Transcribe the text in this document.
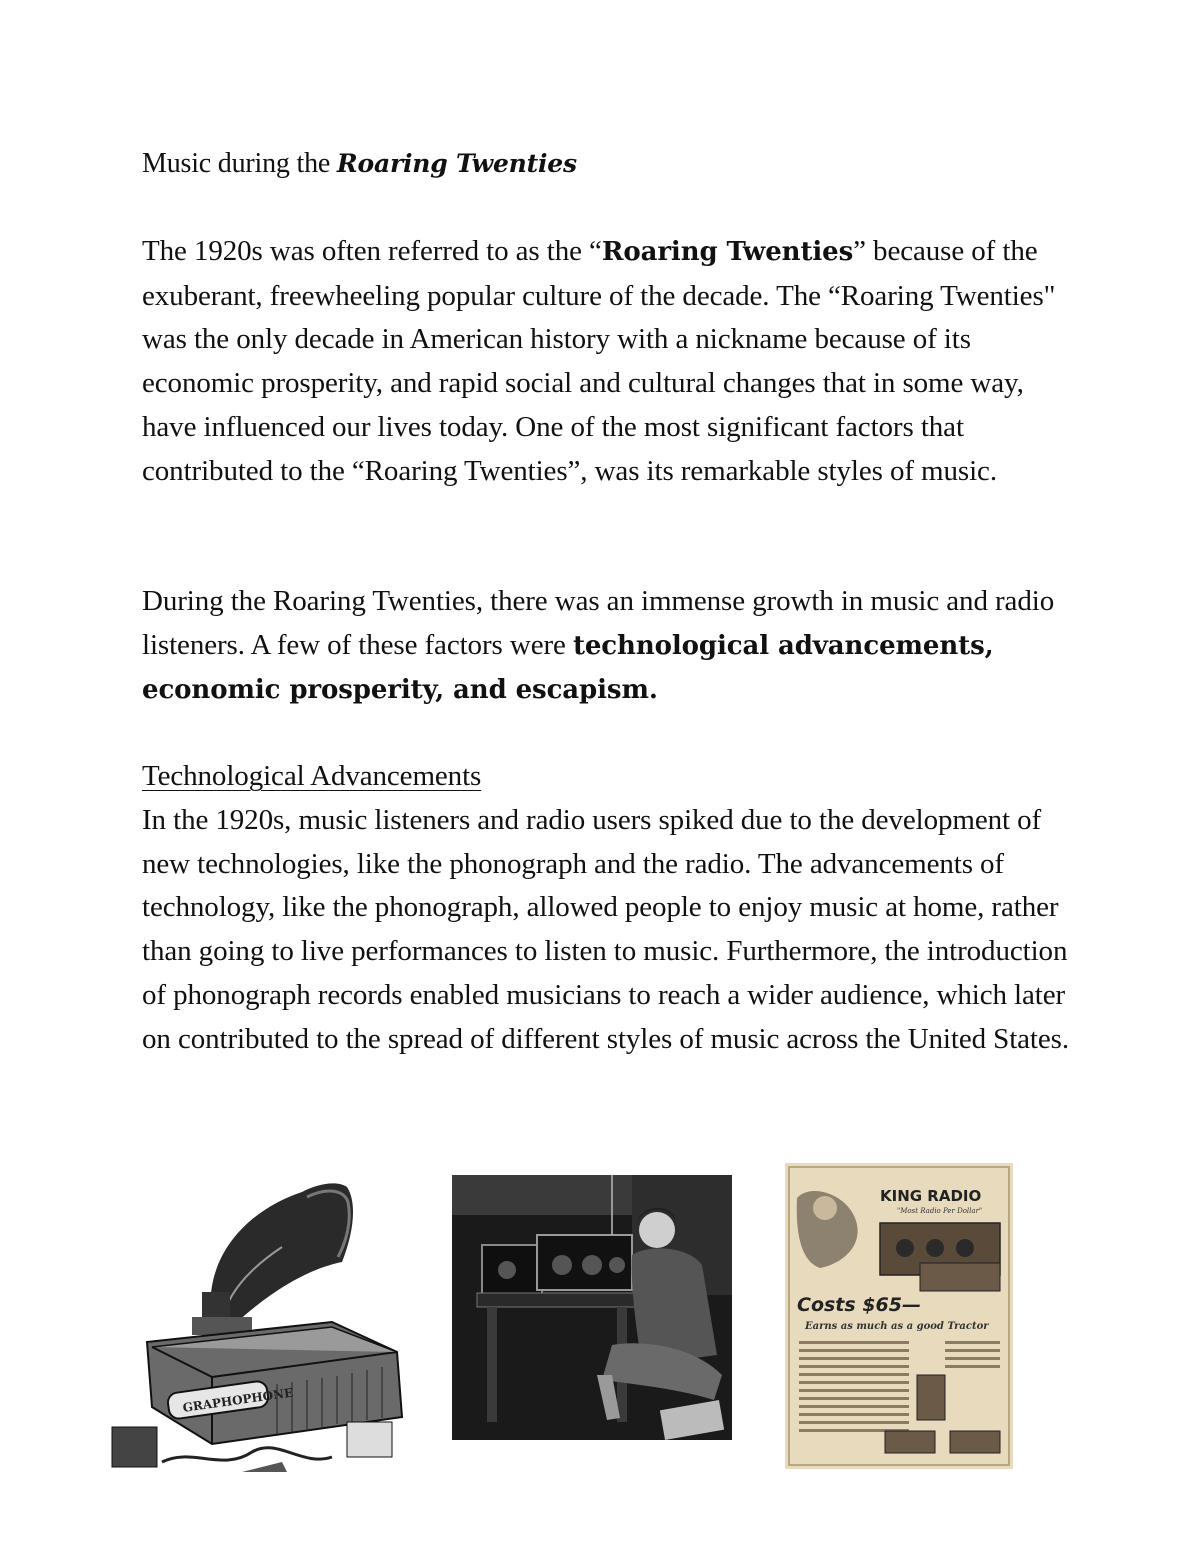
Music during the Roaring Twenties

The 1920s was often referred to as the “Roaring Twenties” because of the exuberant, freewheeling popular culture of the decade. The “Roaring Twenties" was the only decade in American history with a nickname because of its economic prosperity, and rapid social and cultural changes that in some way, have influenced our lives today. One of the most significant factors that contributed to the “Roaring Twenties”, was its remarkable styles of music.

During the Roaring Twenties, there was an immense growth in music and radio listeners. A few of these factors were technological advancements, economic prosperity, and escapism.

Technological Advancements

In the 1920s, music listeners and radio users spiked due to the development of new technologies, like the phonograph and the radio. The advancements of technology, like the phonograph, allowed people to enjoy music at home, rather than going to live performances to listen to music. Furthermore, the introduction of phonograph records enabled musicians to reach a wider audience, which later on contributed to the spread of different styles of music across the United States.

GRAPHOPHONE
KING RADIO
"Most Radio Per Dollar"
Costs $65—
Earns as much as a good Tractor
